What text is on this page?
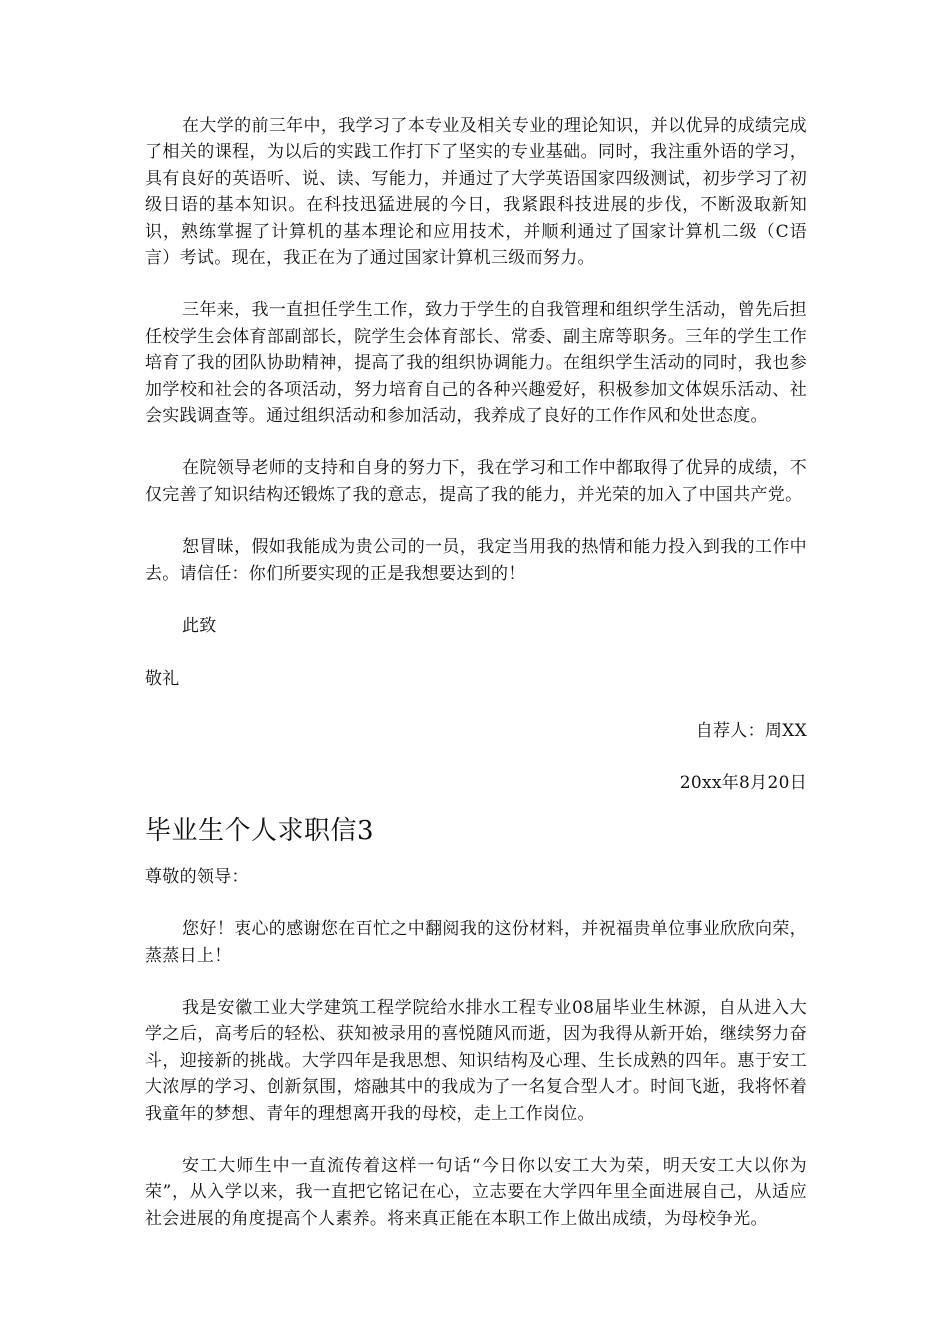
在大学的前三年中，我学习了本专业及相关专业的理论知识，并以优异的成绩完成了相关的课程，为以后的实践工作打下了坚实的专业基础。同时，我注重外语的学习，具有良好的英语听、说、读、写能力，并通过了大学英语国家四级测试，初步学习了初级日语的基本知识。在科技迅猛进展的今日，我紧跟科技进展的步伐，不断汲取新知识，熟练掌握了计算机的基本理论和应用技术，并顺利通过了国家计算机二级（C语言）考试。现在，我正在为了通过国家计算机三级而努力。

三年来，我一直担任学生工作，致力于学生的自我管理和组织学生活动，曾先后担任校学生会体育部副部长，院学生会体育部长、常委、副主席等职务。三年的学生工作培育了我的团队协助精神，提高了我的组织协调能力。在组织学生活动的同时，我也参加学校和社会的各项活动，努力培育自己的各种兴趣爱好，积极参加文体娱乐活动、社会实践调查等。通过组织活动和参加活动，我养成了良好的工作作风和处世态度。

在院领导老师的支持和自身的努力下，我在学习和工作中都取得了优异的成绩，不仅完善了知识结构还锻炼了我的意志，提高了我的能力，并光荣的加入了中国共产党。

恕冒昧，假如我能成为贵公司的一员，我定当用我的热情和能力投入到我的工作中去。请信任：你们所要实现的正是我想要达到的！

此致

敬礼

自荐人：周XX

20xx年8月20日

毕业生个人求职信3

尊敬的领导：

您好！衷心的感谢您在百忙之中翻阅我的这份材料，并祝福贵单位事业欣欣向荣，蒸蒸日上！

我是安徽工业大学建筑工程学院给水排水工程专业08届毕业生林源，自从进入大学之后，高考后的轻松、获知被录用的喜悦随风而逝，因为我得从新开始，继续努力奋斗，迎接新的挑战。大学四年是我思想、知识结构及心理、生长成熟的四年。惠于安工大浓厚的学习、创新氛围，熔融其中的我成为了一名复合型人才。时间飞逝，我将怀着我童年的梦想、青年的理想离开我的母校，走上工作岗位。

安工大师生中一直流传着这样一句话“今日你以安工大为荣，明天安工大以你为荣”，从入学以来，我一直把它铭记在心，立志要在大学四年里全面进展自己，从适应社会进展的角度提高个人素养。将来真正能在本职工作上做出成绩，为母校争光。
